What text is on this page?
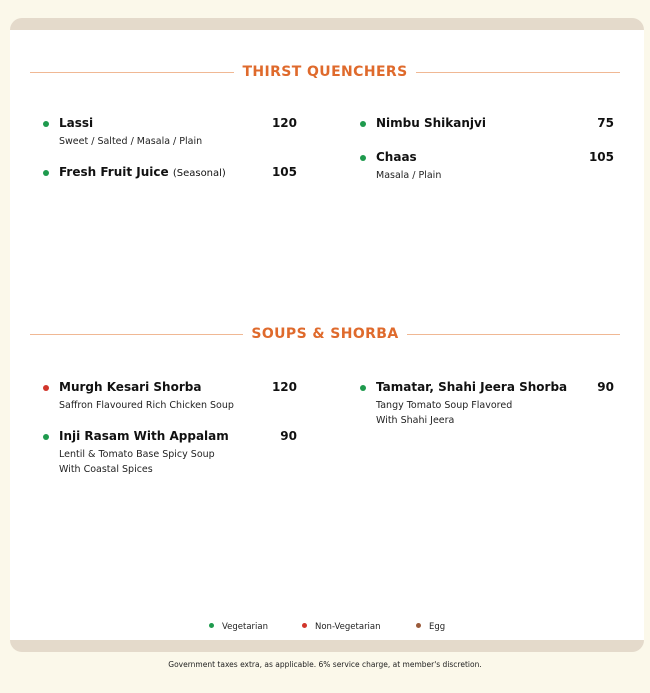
THIRST QUENCHERS
Lassi	120
Sweet / Salted / Masala / Plain
Fresh Fruit Juice (Seasonal)	105
Nimbu Shikanjvi	75
Chaas	105
Masala / Plain
SOUPS & SHORBA
Murgh Kesari Shorba	120
Saffron Flavoured Rich Chicken Soup
Inji Rasam With Appalam	90
Lentil & Tomato Base Spicy Soup
With Coastal Spices
Tamatar, Shahi Jeera Shorba	90
Tangy Tomato Soup Flavored
With Shahi Jeera
Vegetarian	Non-Vegetarian	Egg
Government taxes extra, as applicable. 6% service charge, at member's discretion.
